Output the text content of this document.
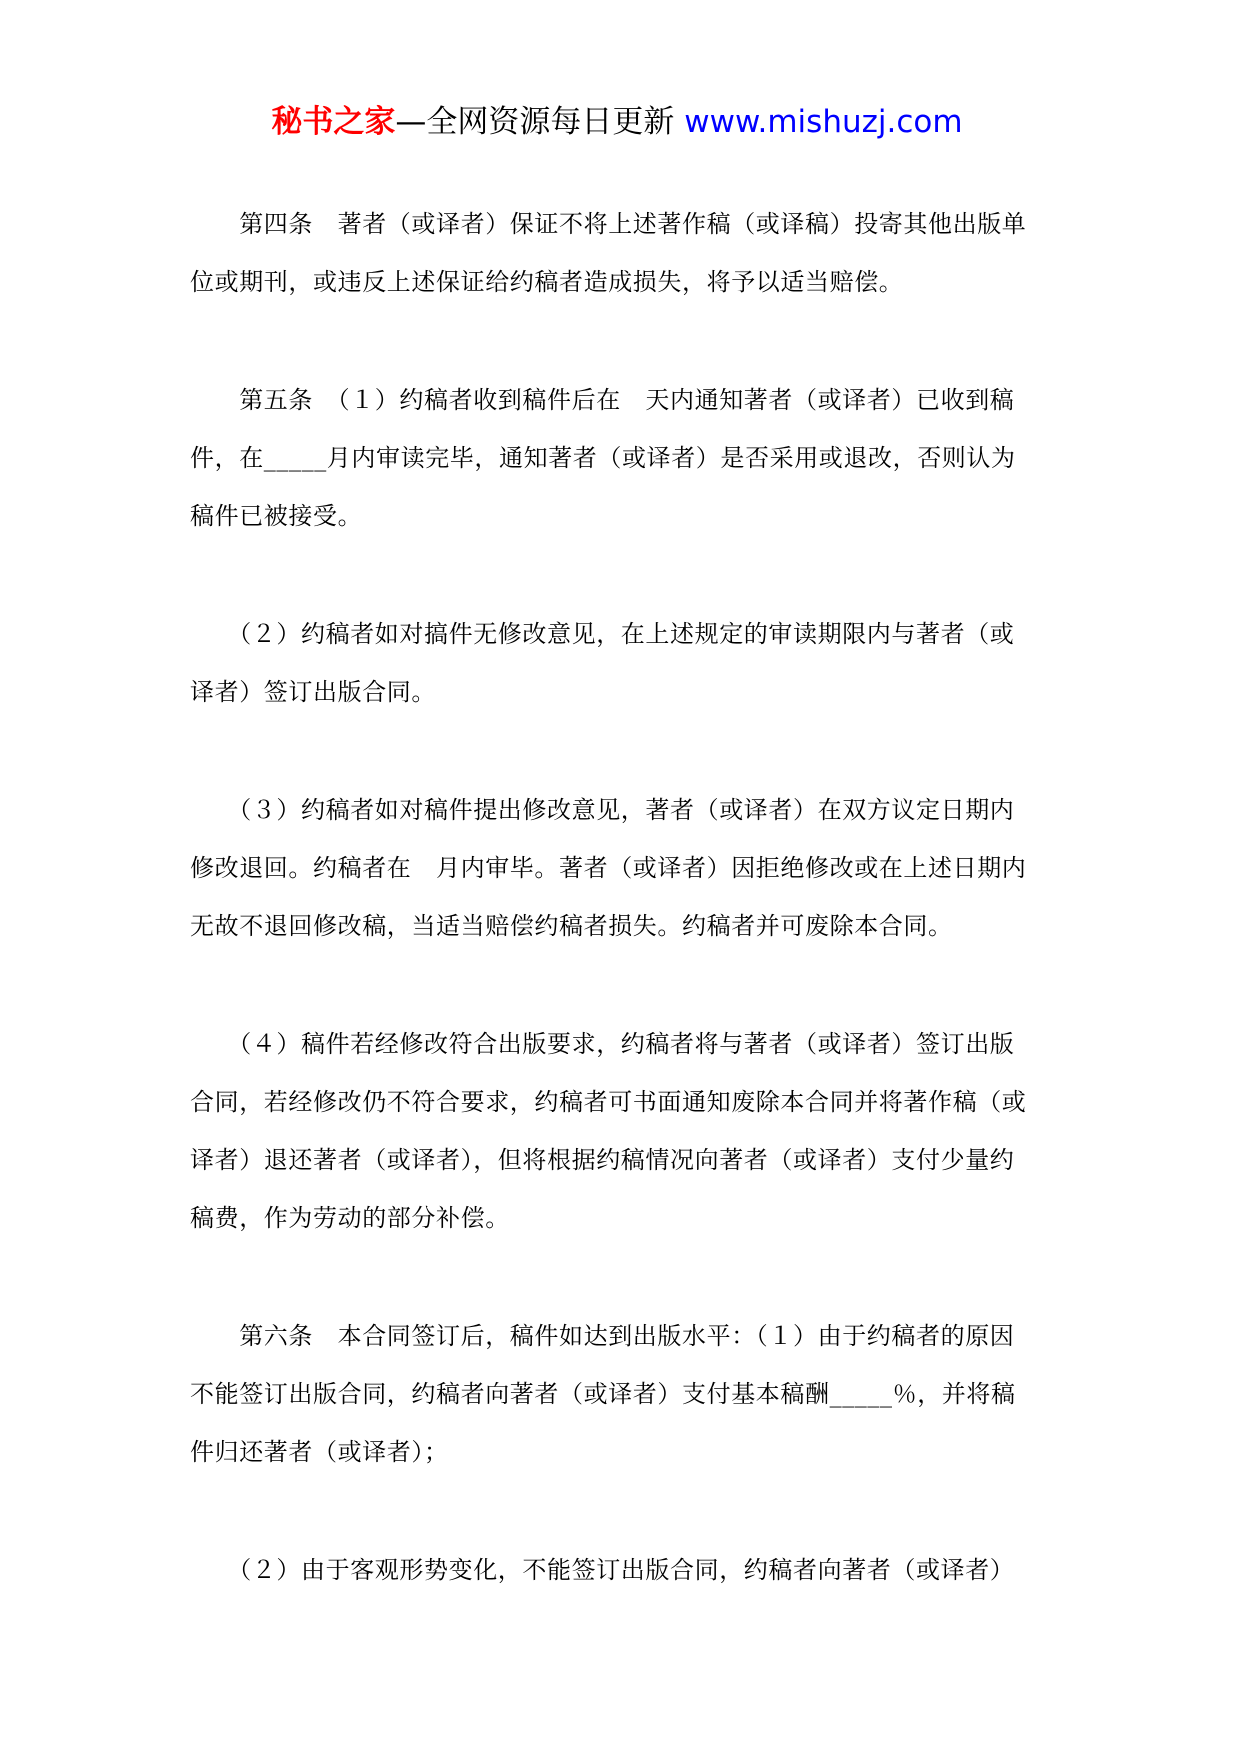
秘书之家—全网资源每日更新 www.mishuzj.com

　　第四条　著者（或译者）保证不将上述著作稿（或译稿）投寄其他出版单
位或期刊，或违反上述保证给约稿者造成损失，将予以适当赔偿。

　　第五条　（１）约稿者收到稿件后在　天内通知著者（或译者）已收到稿
件，在_____月内审读完毕，通知著者（或译者）是否采用或退改，否则认为
稿件已被接受。

　　（２）约稿者如对搞件无修改意见，在上述规定的审读期限内与著者（或
译者）签订出版合同。

　　（３）约稿者如对稿件提出修改意见，著者（或译者）在双方议定日期内
修改退回。约稿者在　月内审毕。著者（或译者）因拒绝修改或在上述日期内
无故不退回修改稿，当适当赔偿约稿者损失。约稿者并可废除本合同。

　　（４）稿件若经修改符合出版要求，约稿者将与著者（或译者）签订出版
合同，若经修改仍不符合要求，约稿者可书面通知废除本合同并将著作稿（或
译者）退还著者（或译者），但将根据约稿情况向著者（或译者）支付少量约
稿费，作为劳动的部分补偿。

　　第六条　本合同签订后，稿件如达到出版水平：（１）由于约稿者的原因
不能签订出版合同，约稿者向著者（或译者）支付基本稿酬_____％，并将稿
件归还著者（或译者）；

　　（２）由于客观形势变化，不能签订出版合同，约稿者向著者（或译者）
